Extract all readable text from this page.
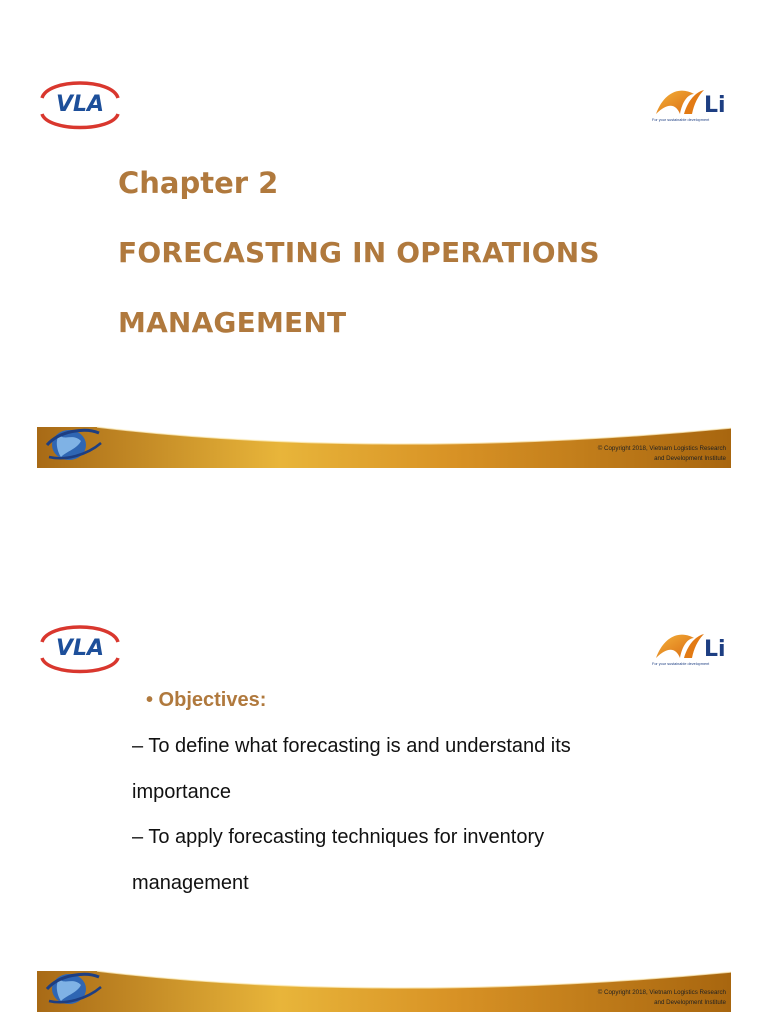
VLA	Li
For your sustainable development
Chapter 2
FORECASTING IN OPERATIONS
MANAGEMENT
© Copyright 2018, Vietnam Logistics Research
and Development Institute
VLA	Li
For your sustainable development
• Objectives:
– To define what forecasting is and understand its
importance
– To apply forecasting techniques for inventory
management
© Copyright 2018, Vietnam Logistics Research
and Development Institute
